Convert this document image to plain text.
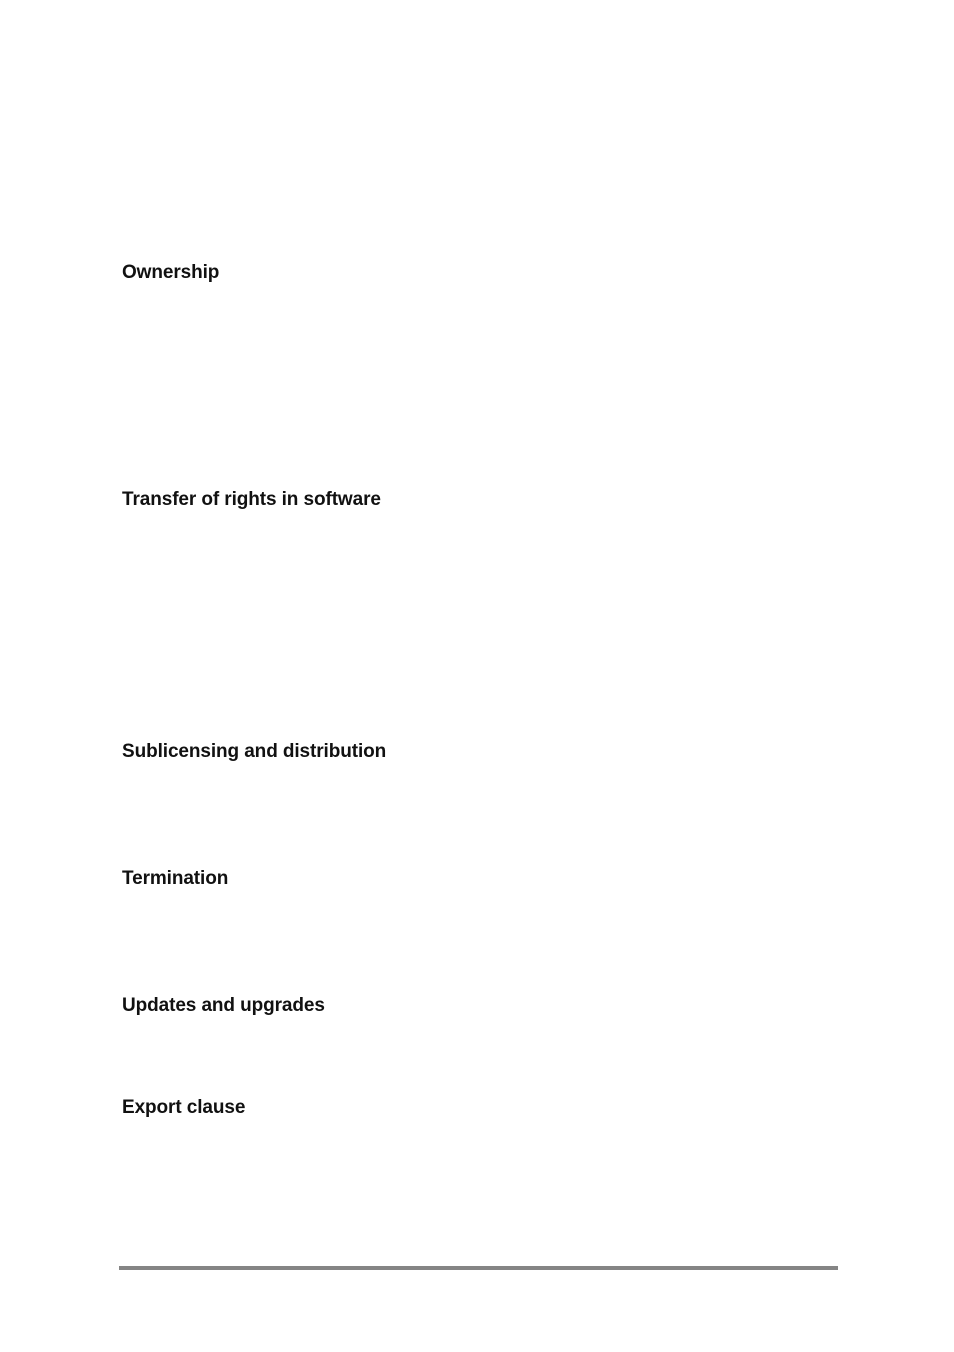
Ownership
Transfer of rights in software
Sublicensing and distribution
Termination
Updates and upgrades
Export clause
